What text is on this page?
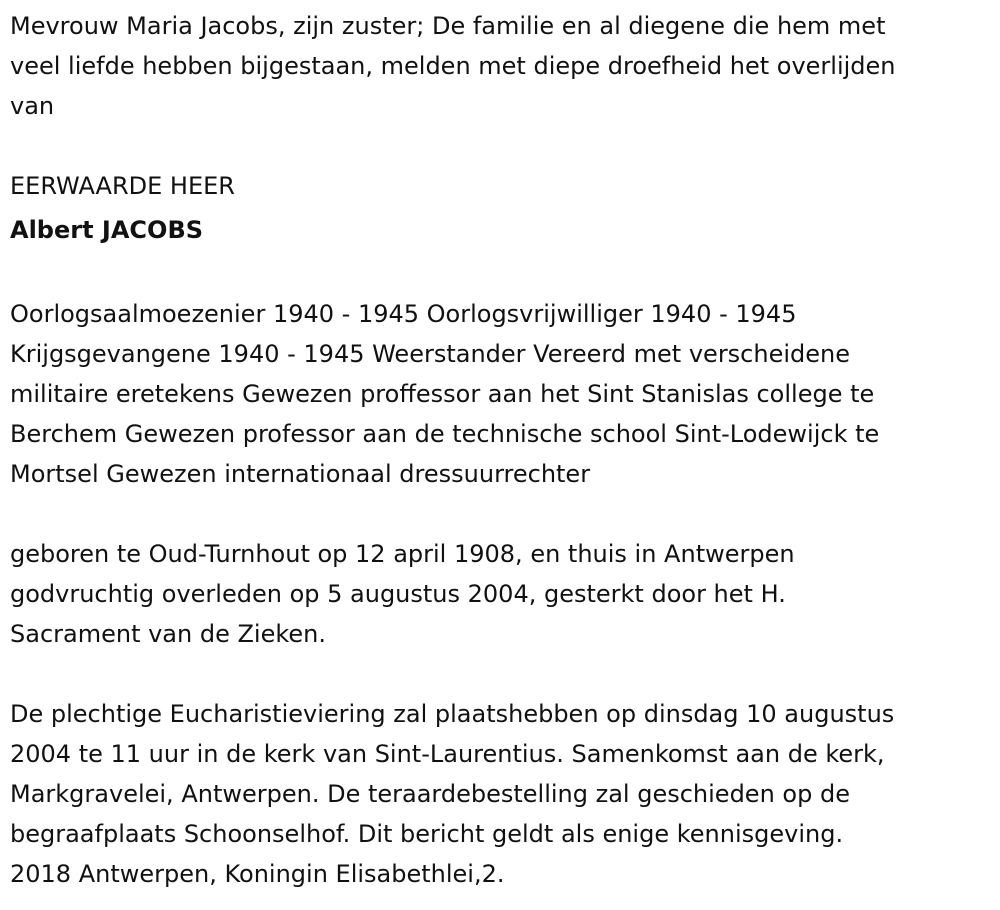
Mevrouw Maria Jacobs, zijn zuster; De familie en al diegene die hem met
veel liefde hebben bijgestaan, melden met diepe droefheid het overlijden
van

EERWAARDE HEER

Albert JACOBS

Oorlogsaalmoezenier 1940 - 1945 Oorlogsvrijwilliger 1940 - 1945
Krijgsgevangene 1940 - 1945 Weerstander Vereerd met verscheidene
militaire eretekens Gewezen proffessor aan het Sint Stanislas college te
Berchem Gewezen professor aan de technische school Sint-Lodewijck te
Mortsel Gewezen internationaal dressuurrechter

geboren te Oud-Turnhout op 12 april 1908, en thuis in Antwerpen
godvruchtig overleden op 5 augustus 2004, gesterkt door het H.
Sacrament van de Zieken.

De plechtige Eucharistieviering zal plaatshebben op dinsdag 10 augustus
2004 te 11 uur in de kerk van Sint-Laurentius. Samenkomst aan de kerk,
Markgravelei, Antwerpen. De teraardebestelling zal geschieden op de
begraafplaats Schoonselhof. Dit bericht geldt als enige kennisgeving.
2018 Antwerpen, Koningin Elisabethlei,2.
